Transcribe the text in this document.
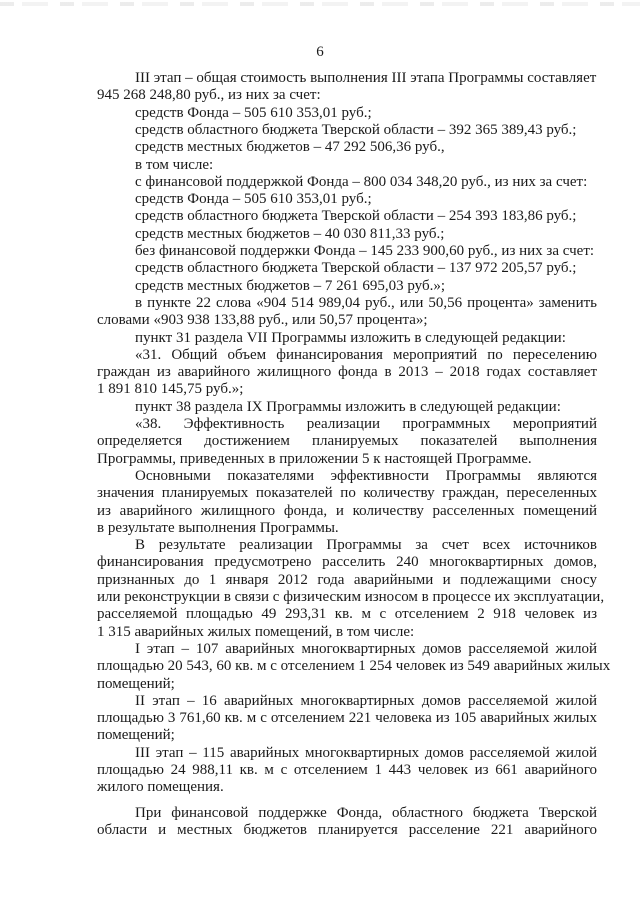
6
III этап – общая стоимость выполнения III этапа Программы составляет
945 268 248,80 руб., из них за счет:
средств Фонда – 505 610 353,01 руб.;
средств областного бюджета Тверской области – 392 365 389,43 руб.;
средств местных бюджетов – 47 292 506,36 руб.,
в том числе:
с финансовой поддержкой Фонда – 800 034 348,20 руб., из них за счет:
средств Фонда – 505 610 353,01 руб.;
средств областного бюджета Тверской области – 254 393 183,86 руб.;
средств местных бюджетов – 40 030 811,33 руб.;
без финансовой поддержки Фонда – 145 233 900,60 руб., из них за счет:
средств областного бюджета Тверской области – 137 972 205,57 руб.;
средств местных бюджетов – 7 261 695,03 руб.»;
в пункте 22 слова «904 514 989,04 руб., или 50,56 процента» заменить
словами «903 938 133,88 руб., или 50,57 процента»;
пункт 31 раздела VII Программы изложить в следующей редакции:
«31. Общий объем финансирования мероприятий по переселению
граждан из аварийного жилищного фонда в 2013 – 2018 годах составляет
1 891 810 145,75 руб.»;
пункт 38 раздела IX Программы изложить в следующей редакции:
«38. Эффективность реализации программных мероприятий
определяется достижением планируемых показателей выполнения
Программы, приведенных в приложении 5 к настоящей Программе.
Основными показателями эффективности Программы являются
значения планируемых показателей по количеству граждан, переселенных
из аварийного жилищного фонда, и количеству расселенных помещений
в результате выполнения Программы.
В результате реализации Программы за счет всех источников
финансирования предусмотрено расселить 240 многоквартирных домов,
признанных до 1 января 2012 года аварийными и подлежащими сносу
или реконструкции в связи с физическим износом в процессе их эксплуатации,
расселяемой площадью 49 293,31 кв. м с отселением 2 918 человек из
1 315 аварийных жилых помещений, в том числе:
I этап – 107 аварийных многоквартирных домов расселяемой жилой
площадью 20 543, 60 кв. м с отселением 1 254 человек из 549 аварийных жилых
помещений;
II этап – 16 аварийных многоквартирных домов расселяемой жилой
площадью 3 761,60 кв. м с отселением 221 человека из 105 аварийных жилых
помещений;
III этап – 115 аварийных многоквартирных домов расселяемой жилой
площадью 24 988,11 кв. м с отселением 1 443 человек из 661 аварийного
жилого помещения.
При финансовой поддержке Фонда, областного бюджета Тверской
области и местных бюджетов планируется расселение 221 аварийного
